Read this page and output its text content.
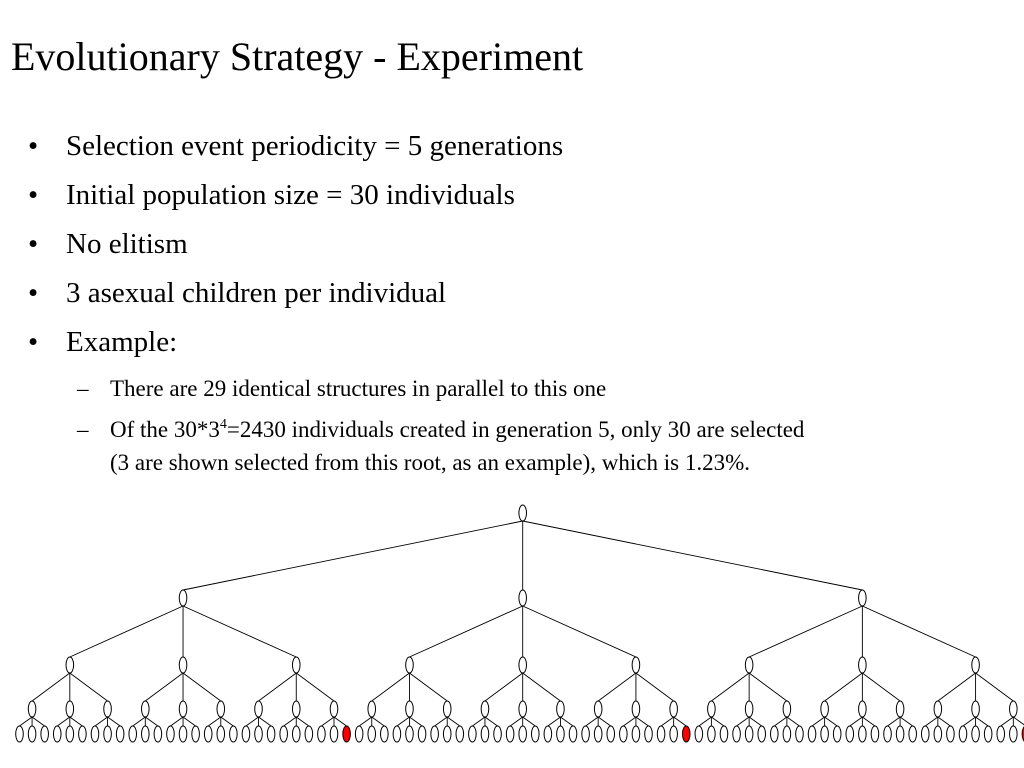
Evolutionary Strategy - Experiment
• Selection event periodicity = 5 generations
• Initial population size = 30 individuals
• No elitism
• 3 asexual children per individual
• Example:
– There are 29 identical structures in parallel to this one
– Of the $30*3^4=2430$ individuals created in generation 5, only 30 are selected
(3 are shown selected from this root, as an example), which is 1.23%.
